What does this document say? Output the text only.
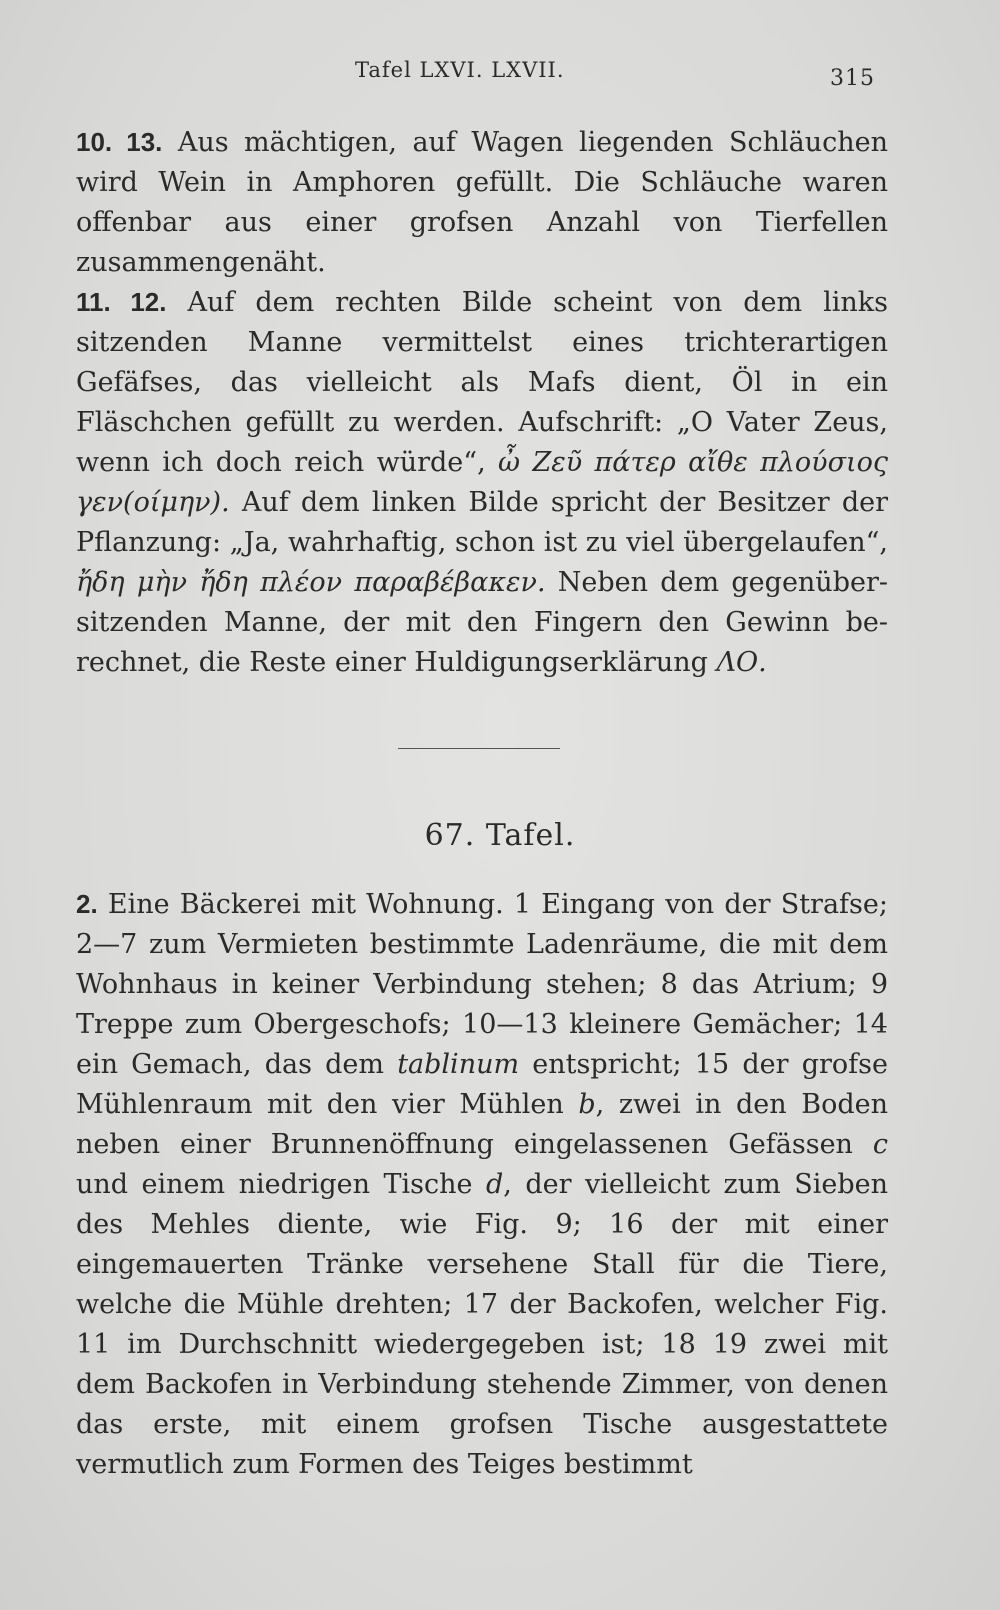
Tafel LXVI. LXVII.	315
10. 13. Aus mächtigen, auf Wagen liegenden Schläuchen wird Wein in Amphoren gefüllt. Die Schläuche waren offenbar aus einer grofsen Anzahl von Tierfellen zusammengenäht.
11. 12. Auf dem rechten Bilde scheint von dem links sitzenden Manne vermittelst eines trichterartigen Gefäfses, das vielleicht als Mafs dient, Öl in ein Fläschchen gefüllt zu werden. Aufschrift: „O Vater Zeus, wenn ich doch reich würde“, ὦ Ζεῦ πάτερ αἴθε πλούσιος γεν(οίμην). Auf dem linken Bilde spricht der Besitzer der Pflanzung: „Ja, wahrhaftig, schon ist zu viel übergelaufen“, ἤδη μὴν ἤδη πλέον παραβέβακεν. Neben dem gegenübersitzenden Manne, der mit den Fingern den Gewinn berechnet, die Reste einer Huldigungserklärung ΛΟ.
67. Tafel.
2. Eine Bäckerei mit Wohnung. 1 Eingang von der Strafse; 2—7 zum Vermieten bestimmte Ladenräume, die mit dem Wohnhaus in keiner Verbindung stehen; 8 das Atrium; 9 Treppe zum Obergeschofs; 10—13 kleinere Gemächer; 14 ein Gemach, das dem tablinum entspricht; 15 der grofse Mühlenraum mit den vier Mühlen b, zwei in den Boden neben einer Brunnenöffnung eingelassenen Gefässen c und einem niedrigen Tische d, der vielleicht zum Sieben des Mehles diente, wie Fig. 9; 16 der mit einer eingemauerten Tränke versehene Stall für die Tiere, welche die Mühle drehten; 17 der Backofen, welcher Fig. 11 im Durchschnitt wiedergegeben ist; 18 19 zwei mit dem Backofen in Verbindung stehende Zimmer, von denen das erste, mit einem grofsen Tische ausgestattete vermutlich zum Formen des Teiges bestimmt
